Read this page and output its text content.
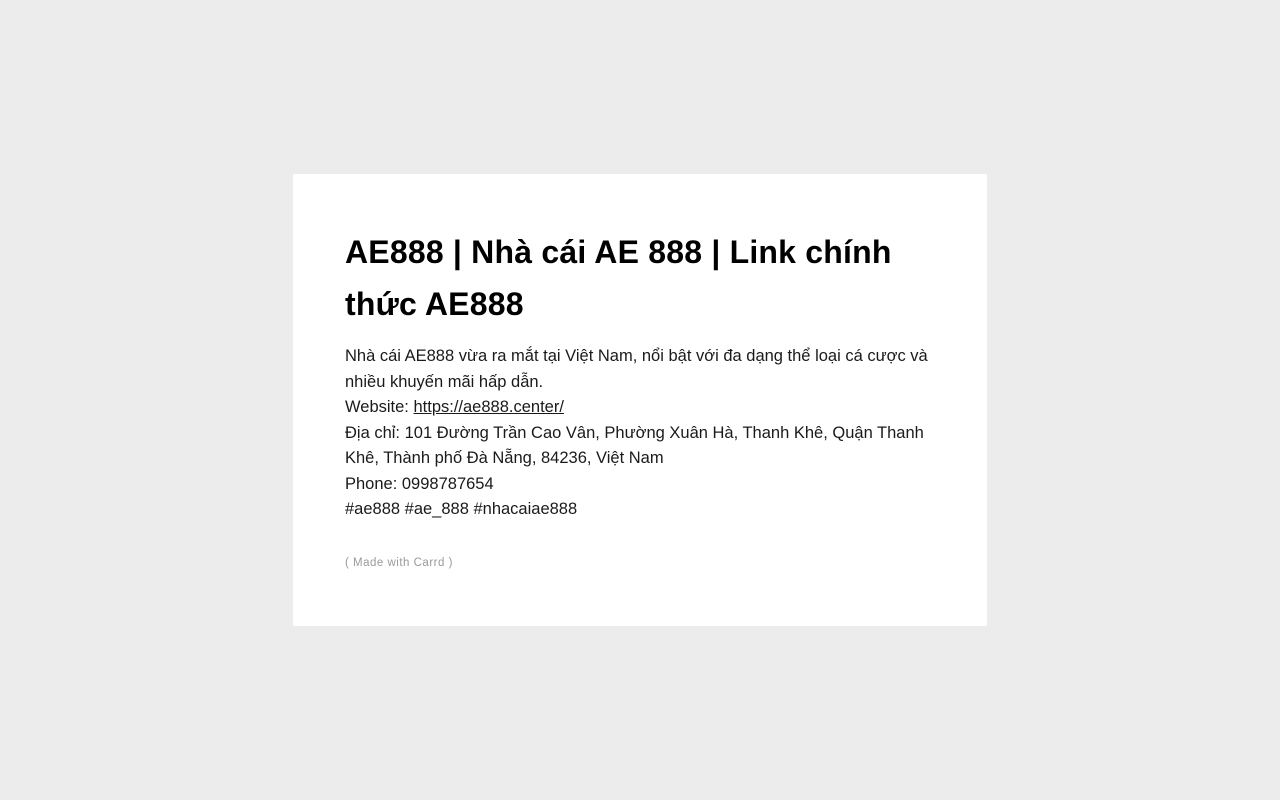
AE888 | Nhà cái AE 888 | Link chính thức AE888
Nhà cái AE888 vừa ra mắt tại Việt Nam, nổi bật với đa dạng thể loại cá cược và nhiều khuyến mãi hấp dẫn.
Website: https://ae888.center/
Địa chỉ: 101 Đường Trần Cao Vân, Phường Xuân Hà, Thanh Khê, Quận Thanh Khê, Thành phố Đà Nẵng, 84236, Việt Nam
Phone: 0998787654
#ae888 #ae_888 #nhacaiae888
( Made with Carrd )
